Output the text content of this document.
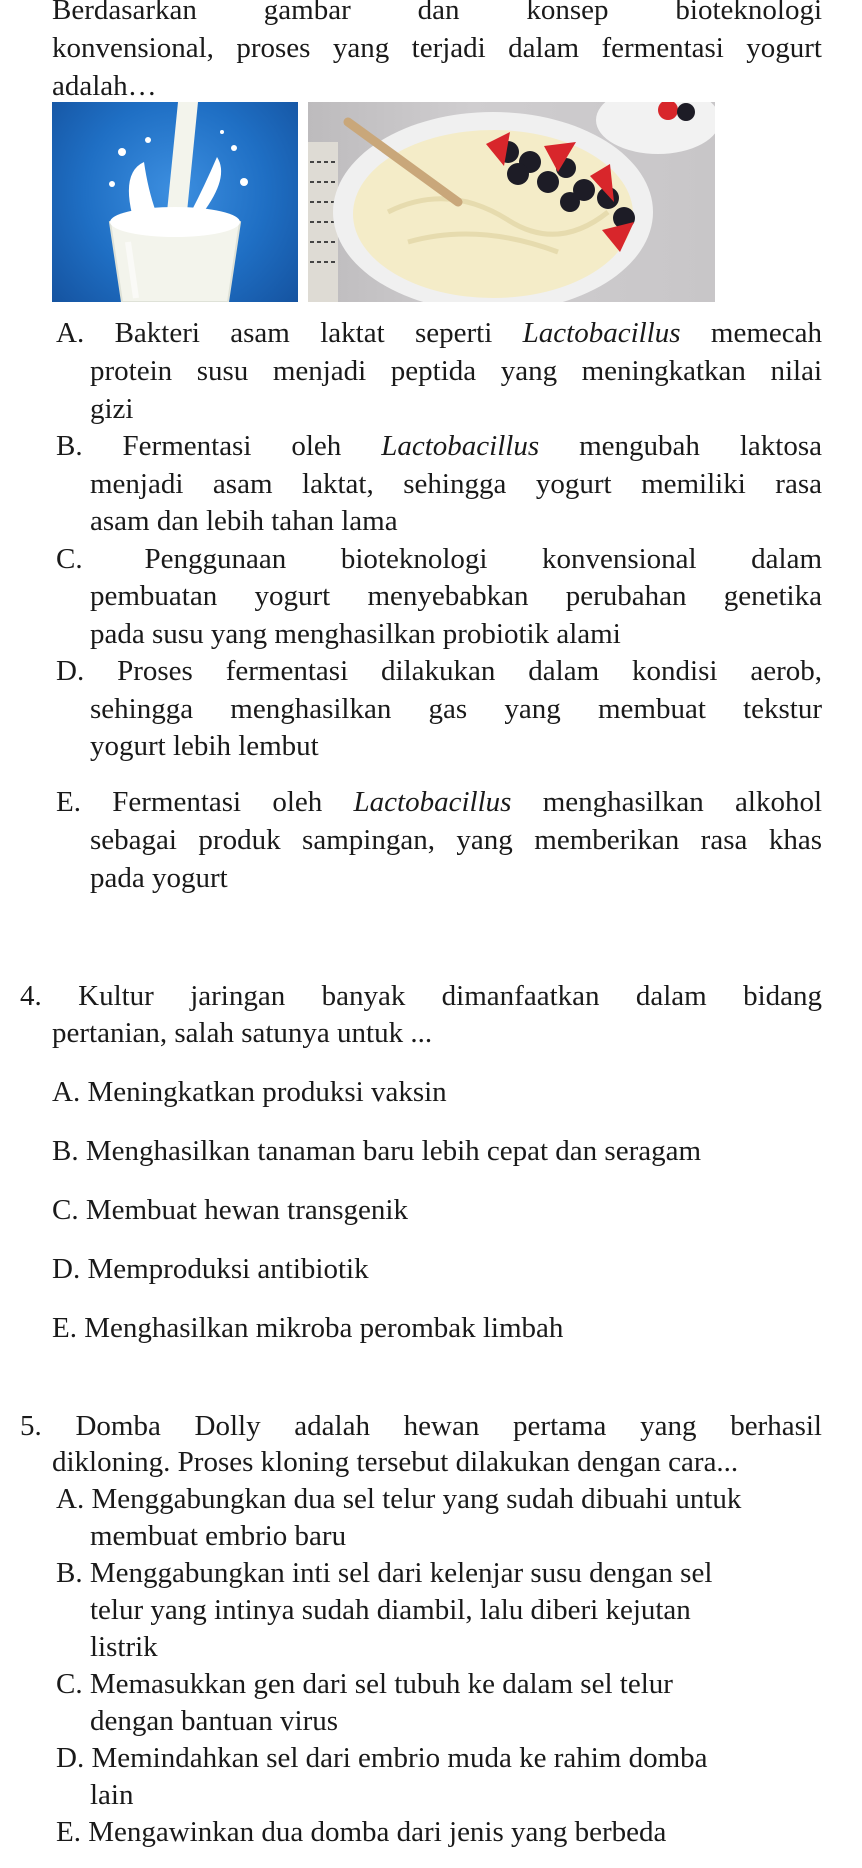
Berdasarkan gambar dan konsep bioteknologi
konvensional, proses yang terjadi dalam fermentasi yogurt
adalah…
A. Bakteri asam laktat seperti Lactobacillus memecah
protein susu menjadi peptida yang meningkatkan nilai
gizi
B. Fermentasi oleh Lactobacillus mengubah laktosa
menjadi asam laktat, sehingga yogurt memiliki rasa
asam dan lebih tahan lama
C. Penggunaan bioteknologi konvensional dalam
pembuatan yogurt menyebabkan perubahan genetika
pada susu yang menghasilkan probiotik alami
D. Proses fermentasi dilakukan dalam kondisi aerob,
sehingga menghasilkan gas yang membuat tekstur
yogurt lebih lembut
E. Fermentasi oleh Lactobacillus menghasilkan alkohol
sebagai produk sampingan, yang memberikan rasa khas
pada yogurt
4. Kultur jaringan banyak dimanfaatkan dalam bidang
pertanian, salah satunya untuk ...
A. Meningkatkan produksi vaksin
B. Menghasilkan tanaman baru lebih cepat dan seragam
C. Membuat hewan transgenik
D. Memproduksi antibiotik
E. Menghasilkan mikroba perombak limbah
5. Domba Dolly adalah hewan pertama yang berhasil
dikloning. Proses kloning tersebut dilakukan dengan cara...
A. Menggabungkan dua sel telur yang sudah dibuahi untuk
membuat embrio baru
B. Menggabungkan inti sel dari kelenjar susu dengan sel
telur yang intinya sudah diambil, lalu diberi kejutan
listrik
C. Memasukkan gen dari sel tubuh ke dalam sel telur
dengan bantuan virus
D. Memindahkan sel dari embrio muda ke rahim domba
lain
E. Mengawinkan dua domba dari jenis yang berbeda
